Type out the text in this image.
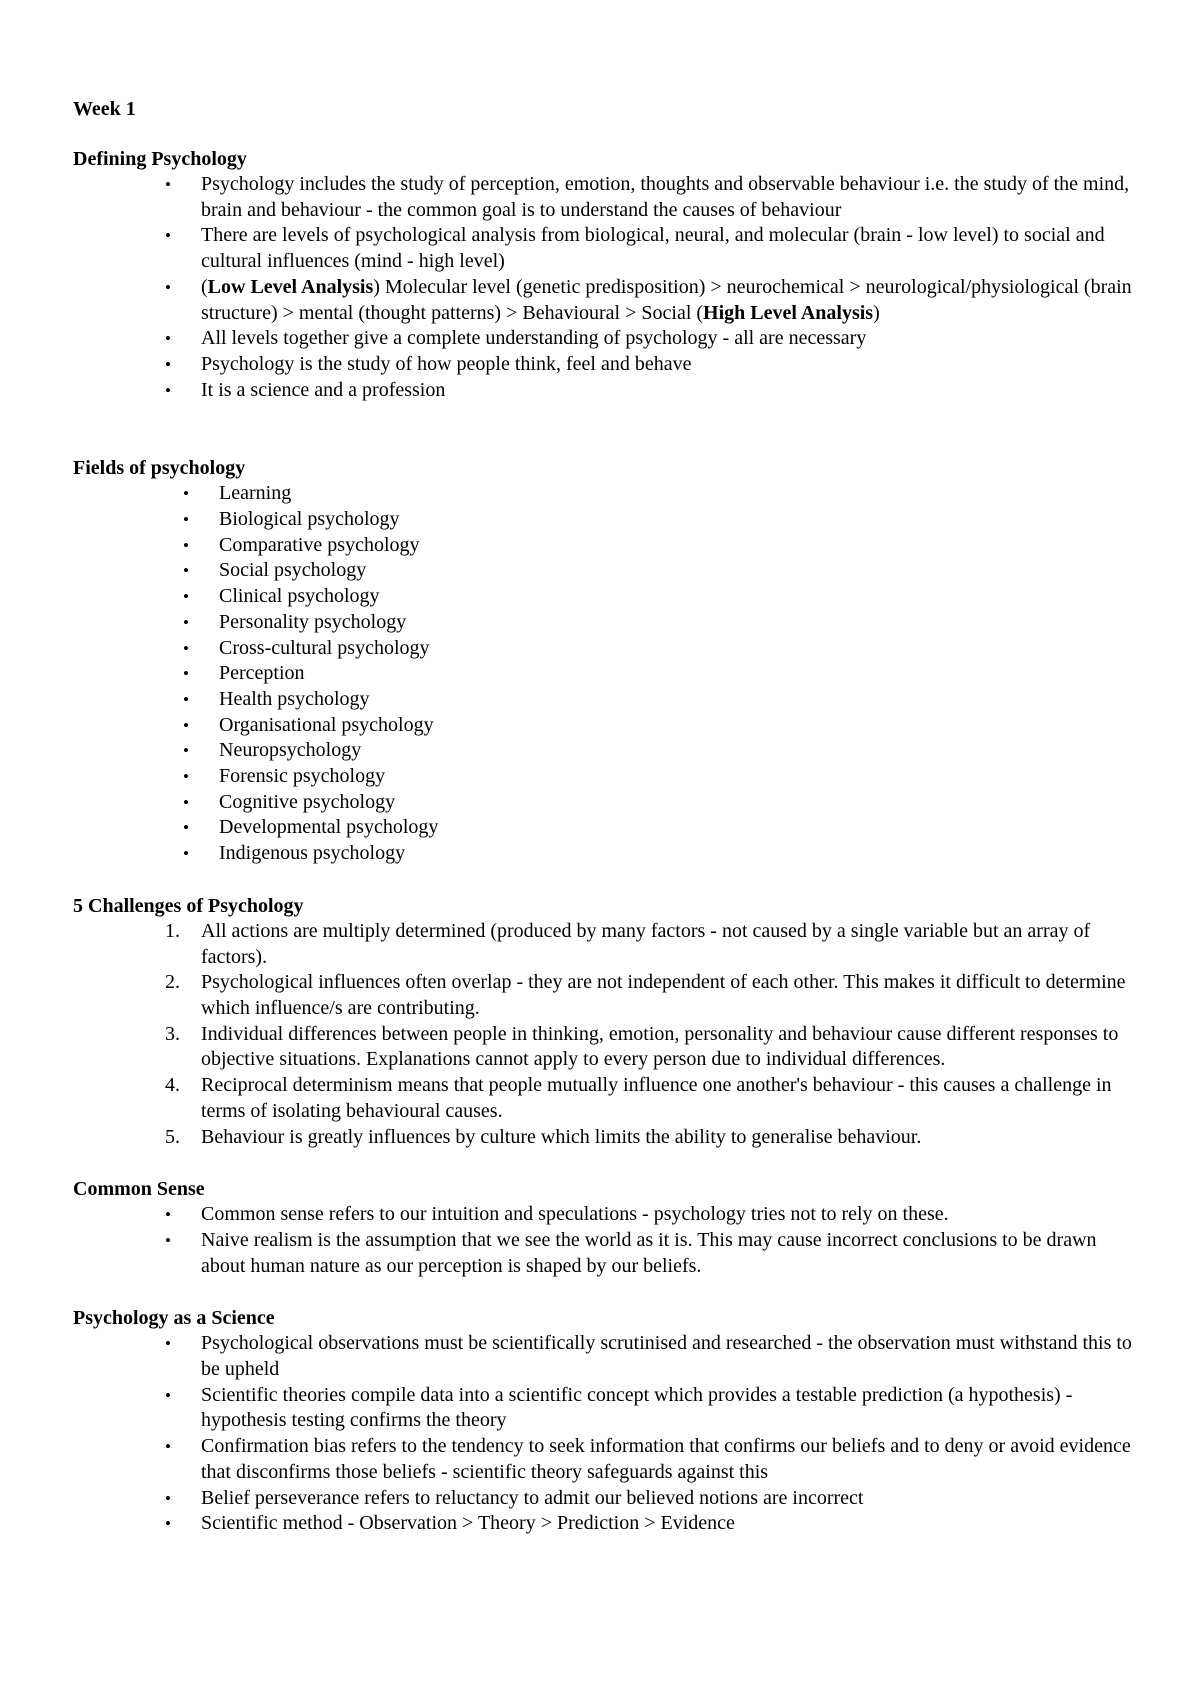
Week 1
Defining Psychology
• Psychology includes the study of perception, emotion, thoughts and observable behaviour i.e. the study of the mind, brain and behaviour - the common goal is to understand the causes of behaviour
• There are levels of psychological analysis from biological, neural, and molecular (brain - low level) to social and cultural influences (mind - high level)
• (Low Level Analysis) Molecular level (genetic predisposition) > neurochemical > neurological/physiological (brain structure) > mental (thought patterns) > Behavioural > Social (High Level Analysis)
• All levels together give a complete understanding of psychology - all are necessary
• Psychology is the study of how people think, feel and behave
• It is a science and a profession
Fields of psychology
• Learning
• Biological psychology
• Comparative psychology
• Social psychology
• Clinical psychology
• Personality psychology
• Cross-cultural psychology
• Perception
• Health psychology
• Organisational psychology
• Neuropsychology
• Forensic psychology
• Cognitive psychology
• Developmental psychology
• Indigenous psychology
5 Challenges of Psychology
1. All actions are multiply determined (produced by many factors - not caused by a single variable but an array of factors).
2. Psychological influences often overlap - they are not independent of each other. This makes it difficult to determine which influence/s are contributing.
3. Individual differences between people in thinking, emotion, personality and behaviour cause different responses to objective situations. Explanations cannot apply to every person due to individual differences.
4. Reciprocal determinism means that people mutually influence one another's behaviour - this causes a challenge in terms of isolating behavioural causes.
5. Behaviour is greatly influences by culture which limits the ability to generalise behaviour.
Common Sense
• Common sense refers to our intuition and speculations - psychology tries not to rely on these.
• Naive realism is the assumption that we see the world as it is. This may cause incorrect conclusions to be drawn about human nature as our perception is shaped by our beliefs.
Psychology as a Science
• Psychological observations must be scientifically scrutinised and researched - the observation must withstand this to be upheld
• Scientific theories compile data into a scientific concept which provides a testable prediction (a hypothesis) - hypothesis testing confirms the theory
• Confirmation bias refers to the tendency to seek information that confirms our beliefs and to deny or avoid evidence that disconfirms those beliefs - scientific theory safeguards against this
• Belief perseverance refers to reluctancy to admit our believed notions are incorrect
• Scientific method - Observation > Theory > Prediction > Evidence
